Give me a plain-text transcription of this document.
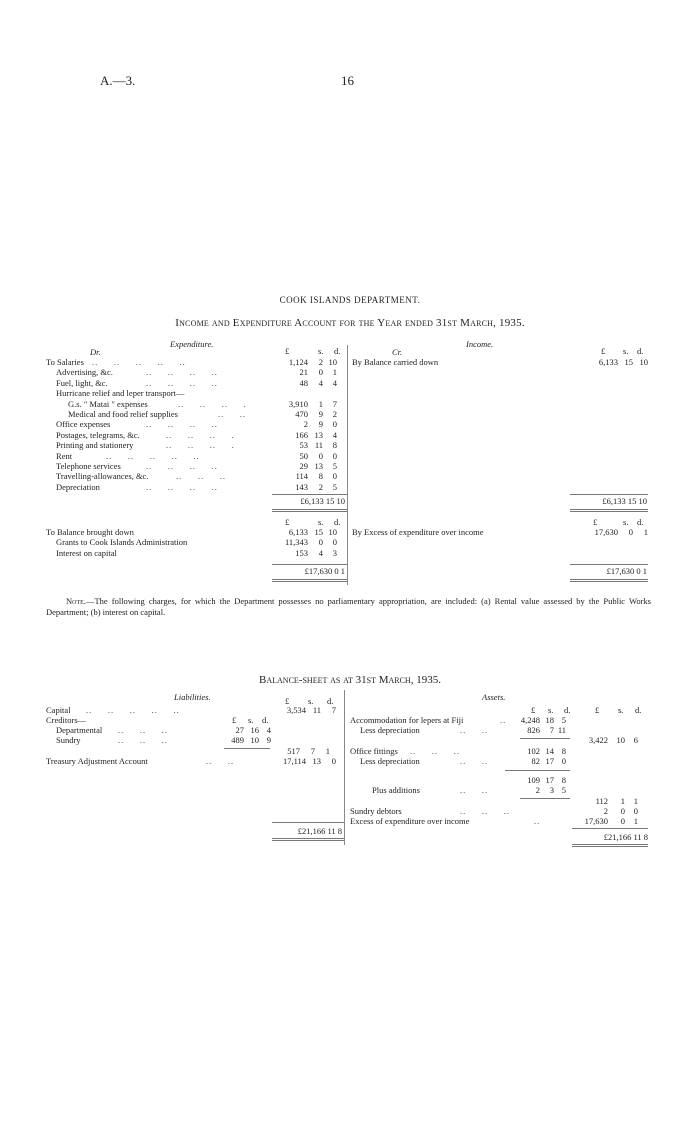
A.—3.	16
COOK ISLANDS DEPARTMENT.
Income and Expenditure Account for the Year ended 31st March, 1935.
Expenditure.	Income.
Dr.	Cr.
£	s. d.	£ s. d.
To Salaries ..     ..     ..     ..     ..	1,124	2 10
Advertising, &c.	..     ..     ..     ..	21	0	1
Fuel, light, &c.	..     ..     ..     ..	48	4	4
Hurricane relief and leper transport—
G.s. " Matai " expenses	..     ..     ..     .	3,910	1	7
Medical and food relief supplies	..     ..	470	9	2
Office expenses	..     ..     ..     ..	2	9	0
Postages, telegrams, &c.	..     ..     ..     .	166 13	4
Printing and stationery	..     ..     ..     .	53 11	8
Rent	..     ..     ..     ..     ..	50	0	0
Telephone services	..     ..     ..     ..	29 13	5
Travelling-allowances, &c.	..     ..     ..	114	8	0
Depreciation	..     ..     ..     ..	143	2	5
By Balance carried down	6,133 15 10
£6,133 15 10	£6,133 15 10
£	s. d.	£	s. d.
To Balance brought down	6,133 15 10
Grants to Cook Islands Administration	11,343	0	0
Interest on capital	153	4	3
By Excess of expenditure over income	17,630	0	1
£17,630 0 1	£17,630 0 1
Note.—The following charges, for which the Department possesses no parliamentary appropriation, are included: (a) Rental value assessed by the Public Works Department; (b) interest on capital.
Balance-sheet as at 31st March, 1935.
Liabilities.	Assets.
£ s. d.
Capital ..     ..     ..     ..     ..	3,534 11	7
Creditors—	£ s. d.
Departmental ..     ..     ..	27 16 4
Sundry	..     ..     ..	489 10 9
517	7	1
Treasury Adjustment Account	..     ..	17,114 13	0
£21,166 11 8
£ s. d.	£ s. d.
Accommodation for lepers at Fiji	..	4,248 18 5
Less depreciation	..     ..	826	7 11
3,422	10	6
Office fittings ..     ..     ..	102 14 8
Less depreciation	..     ..	82 17 0
109 17 8
Plus additions	..     ..	2	3 5
112	1	1
Sundry debtors	..     ..     ..	2	0	0
Excess of expenditure over income	..	17,630	0	1
£21,166 11 8
